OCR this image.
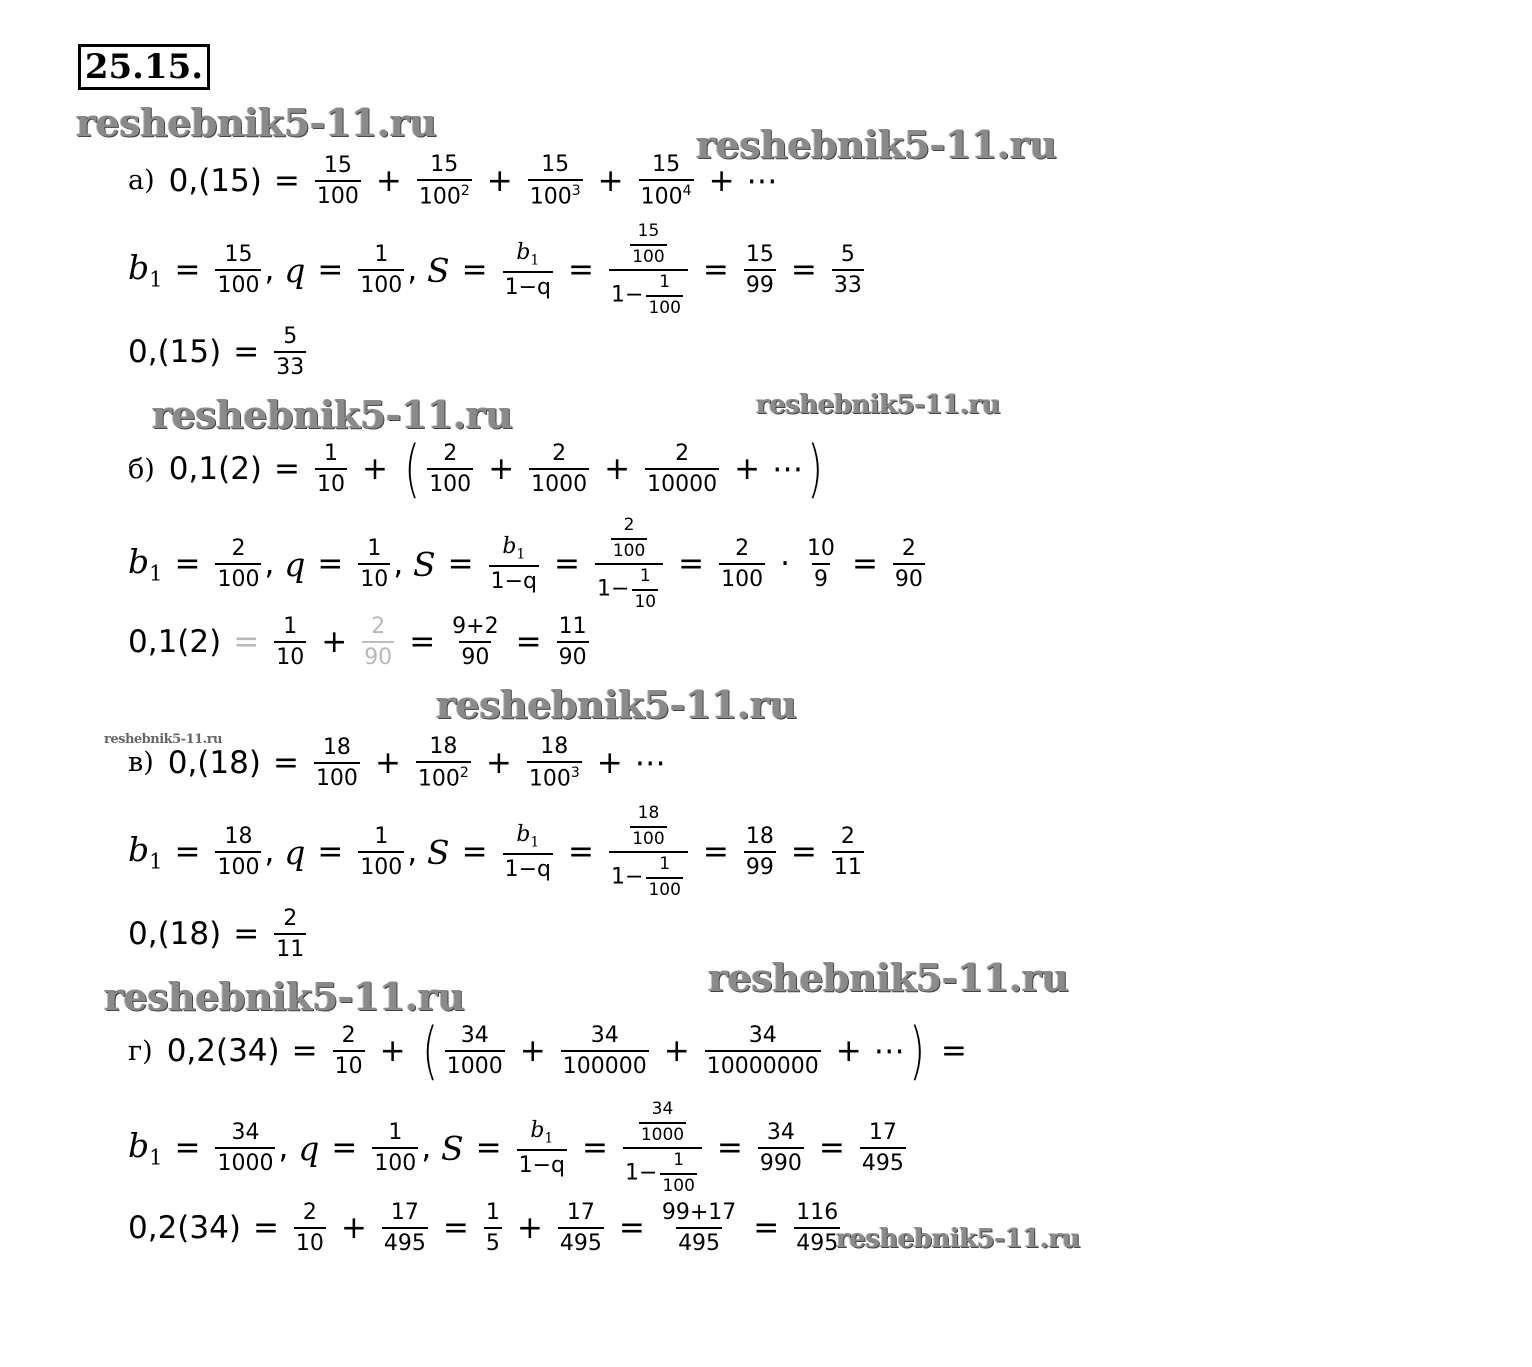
25.15.
reshebnik5-11.ru	reshebnik5-11.ru
reshebnik5-11.ru	reshebnik5-11.ru
reshebnik5-11.ru
reshebnik5-11.ru
reshebnik5-11.ru
reshebnik5-11.ru
reshebnik5-11.ru
а) $0,(15) = \frac{15}{100} + \frac{15}{100^2} + \frac{15}{100^3} + \frac{15}{100^4}$ + ⋯
$b_1 = \frac{15}{100}$ , $q = \frac{1}{100}$ , $S = \frac{b_1}{1-q} = \frac{\frac{15}{100}}{1- \frac{1}{100}} = \frac{15}{99} = \frac{5}{33}$
$0,(15) = \frac{5}{33}$
б) $0,1(2) = \frac{1}{10}$ + ( $\frac{2}{100} + \frac{2}{1000} + \frac{2}{10000}$ + ⋯ )
$b_1 = \frac{2}{100}$ , $q = \frac{1}{10}$ , $S = \frac{b_1}{1-q} = \frac{\frac{2}{100}}{1- \frac{1}{10}} = \frac{2}{100} \cdot \frac{10}{9} = \frac{2}{90}$
$0,1(2) = \frac{1}{10} + \frac{2}{90} = \frac{9+2}{90} = \frac{11}{90}$
в) $0,(18) = \frac{18}{100} + \frac{18}{100^2} + \frac{18}{100^3}$ + ⋯
$b_1 = \frac{18}{100}$ , $q = \frac{1}{100}$ , $S = \frac{b_1}{1-q} = \frac{\frac{18}{100}}{1- \frac{1}{100}} = \frac{18}{99} = \frac{2}{11}$
$0,(18) = \frac{2}{11}$
г) $0,2(34) = \frac{2}{10}$ + ( $\frac{34}{1000} + \frac{34}{100000} + \frac{34}{10000000}$ + ⋯ ) =
$b_1 = \frac{34}{1000}$ , $q = \frac{1}{100}$ , $S = \frac{b_1}{1-q} = \frac{\frac{34}{1000}}{1- \frac{1}{100}} = \frac{34}{990} = \frac{17}{495}$
$0,2(34) = \frac{2}{10} + \frac{17}{495} = \frac{1}{5} + \frac{17}{495} = \frac{99+17}{495} = \frac{116}{495}$
